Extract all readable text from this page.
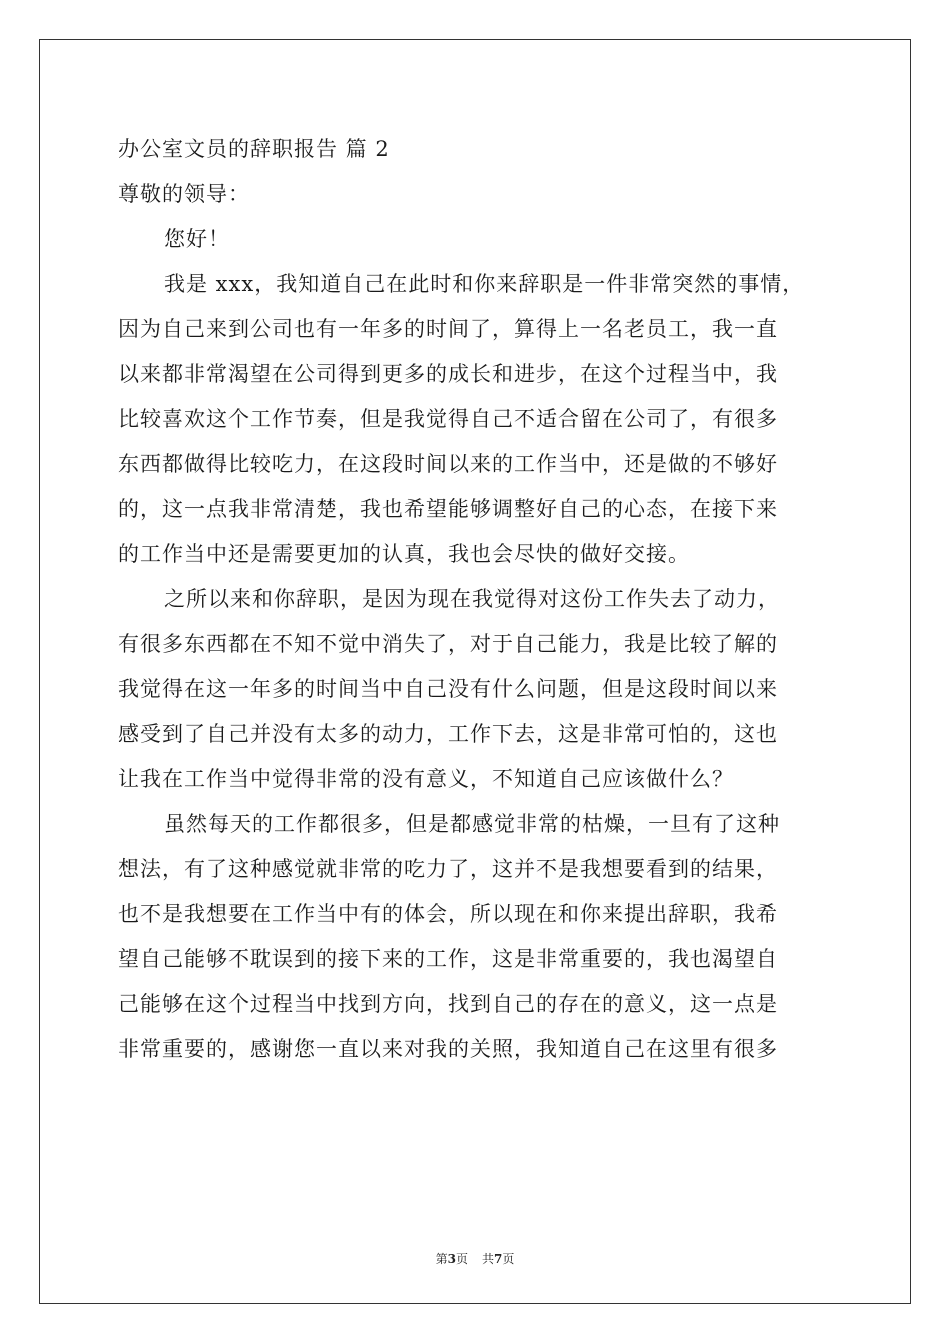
办公室文员的辞职报告 篇 2
尊敬的领导：
您好！
我是 xxx，我知道自己在此时和你来辞职是一件非常突然的事情，
因为自己来到公司也有一年多的时间了，算得上一名老员工，我一直
以来都非常渴望在公司得到更多的成长和进步，在这个过程当中，我
比较喜欢这个工作节奏，但是我觉得自己不适合留在公司了，有很多
东西都做得比较吃力，在这段时间以来的工作当中，还是做的不够好
的，这一点我非常清楚，我也希望能够调整好自己的心态，在接下来
的工作当中还是需要更加的认真，我也会尽快的做好交接。
之所以来和你辞职，是因为现在我觉得对这份工作失去了动力，
有很多东西都在不知不觉中消失了，对于自己能力，我是比较了解的
我觉得在这一年多的时间当中自己没有什么问题，但是这段时间以来
感受到了自己并没有太多的动力，工作下去，这是非常可怕的，这也
让我在工作当中觉得非常的没有意义，不知道自己应该做什么？
虽然每天的工作都很多，但是都感觉非常的枯燥，一旦有了这种
想法，有了这种感觉就非常的吃力了，这并不是我想要看到的结果，
也不是我想要在工作当中有的体会，所以现在和你来提出辞职，我希
望自己能够不耽误到的接下来的工作，这是非常重要的，我也渴望自
己能够在这个过程当中找到方向，找到自己的存在的意义，这一点是
非常重要的，感谢您一直以来对我的关照，我知道自己在这里有很多
第3页 共7页
